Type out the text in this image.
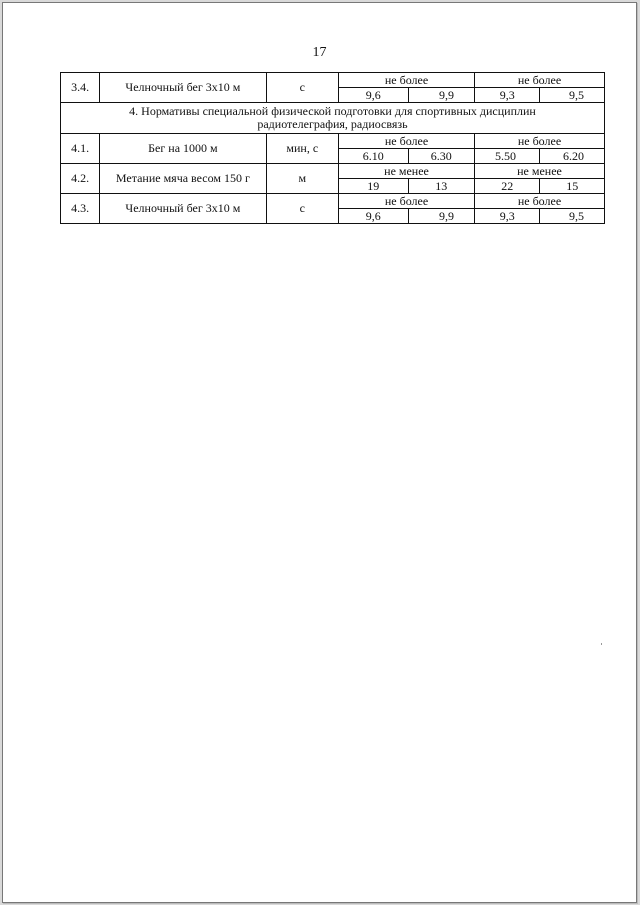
17
3.4.	Челночный бег 3х10 м	с	не более		не более	
			9,6	9,9	9,3	9,5

4. Нормативы специальной физической подготовки для спортивных дисциплин
радиотелеграфия, радиосвязь						

4.1.	Бег на 1000 м	мин, с	не более		не более	
			6.10	6.30	5.50	6.20
4.2.	Метание мяча весом 150 г	м	не менее		не менее	
			19	13	22	15
4.3.	Челночный бег 3х10 м	с	не более		не более	
			9,6	9,9	9,3	9,5
